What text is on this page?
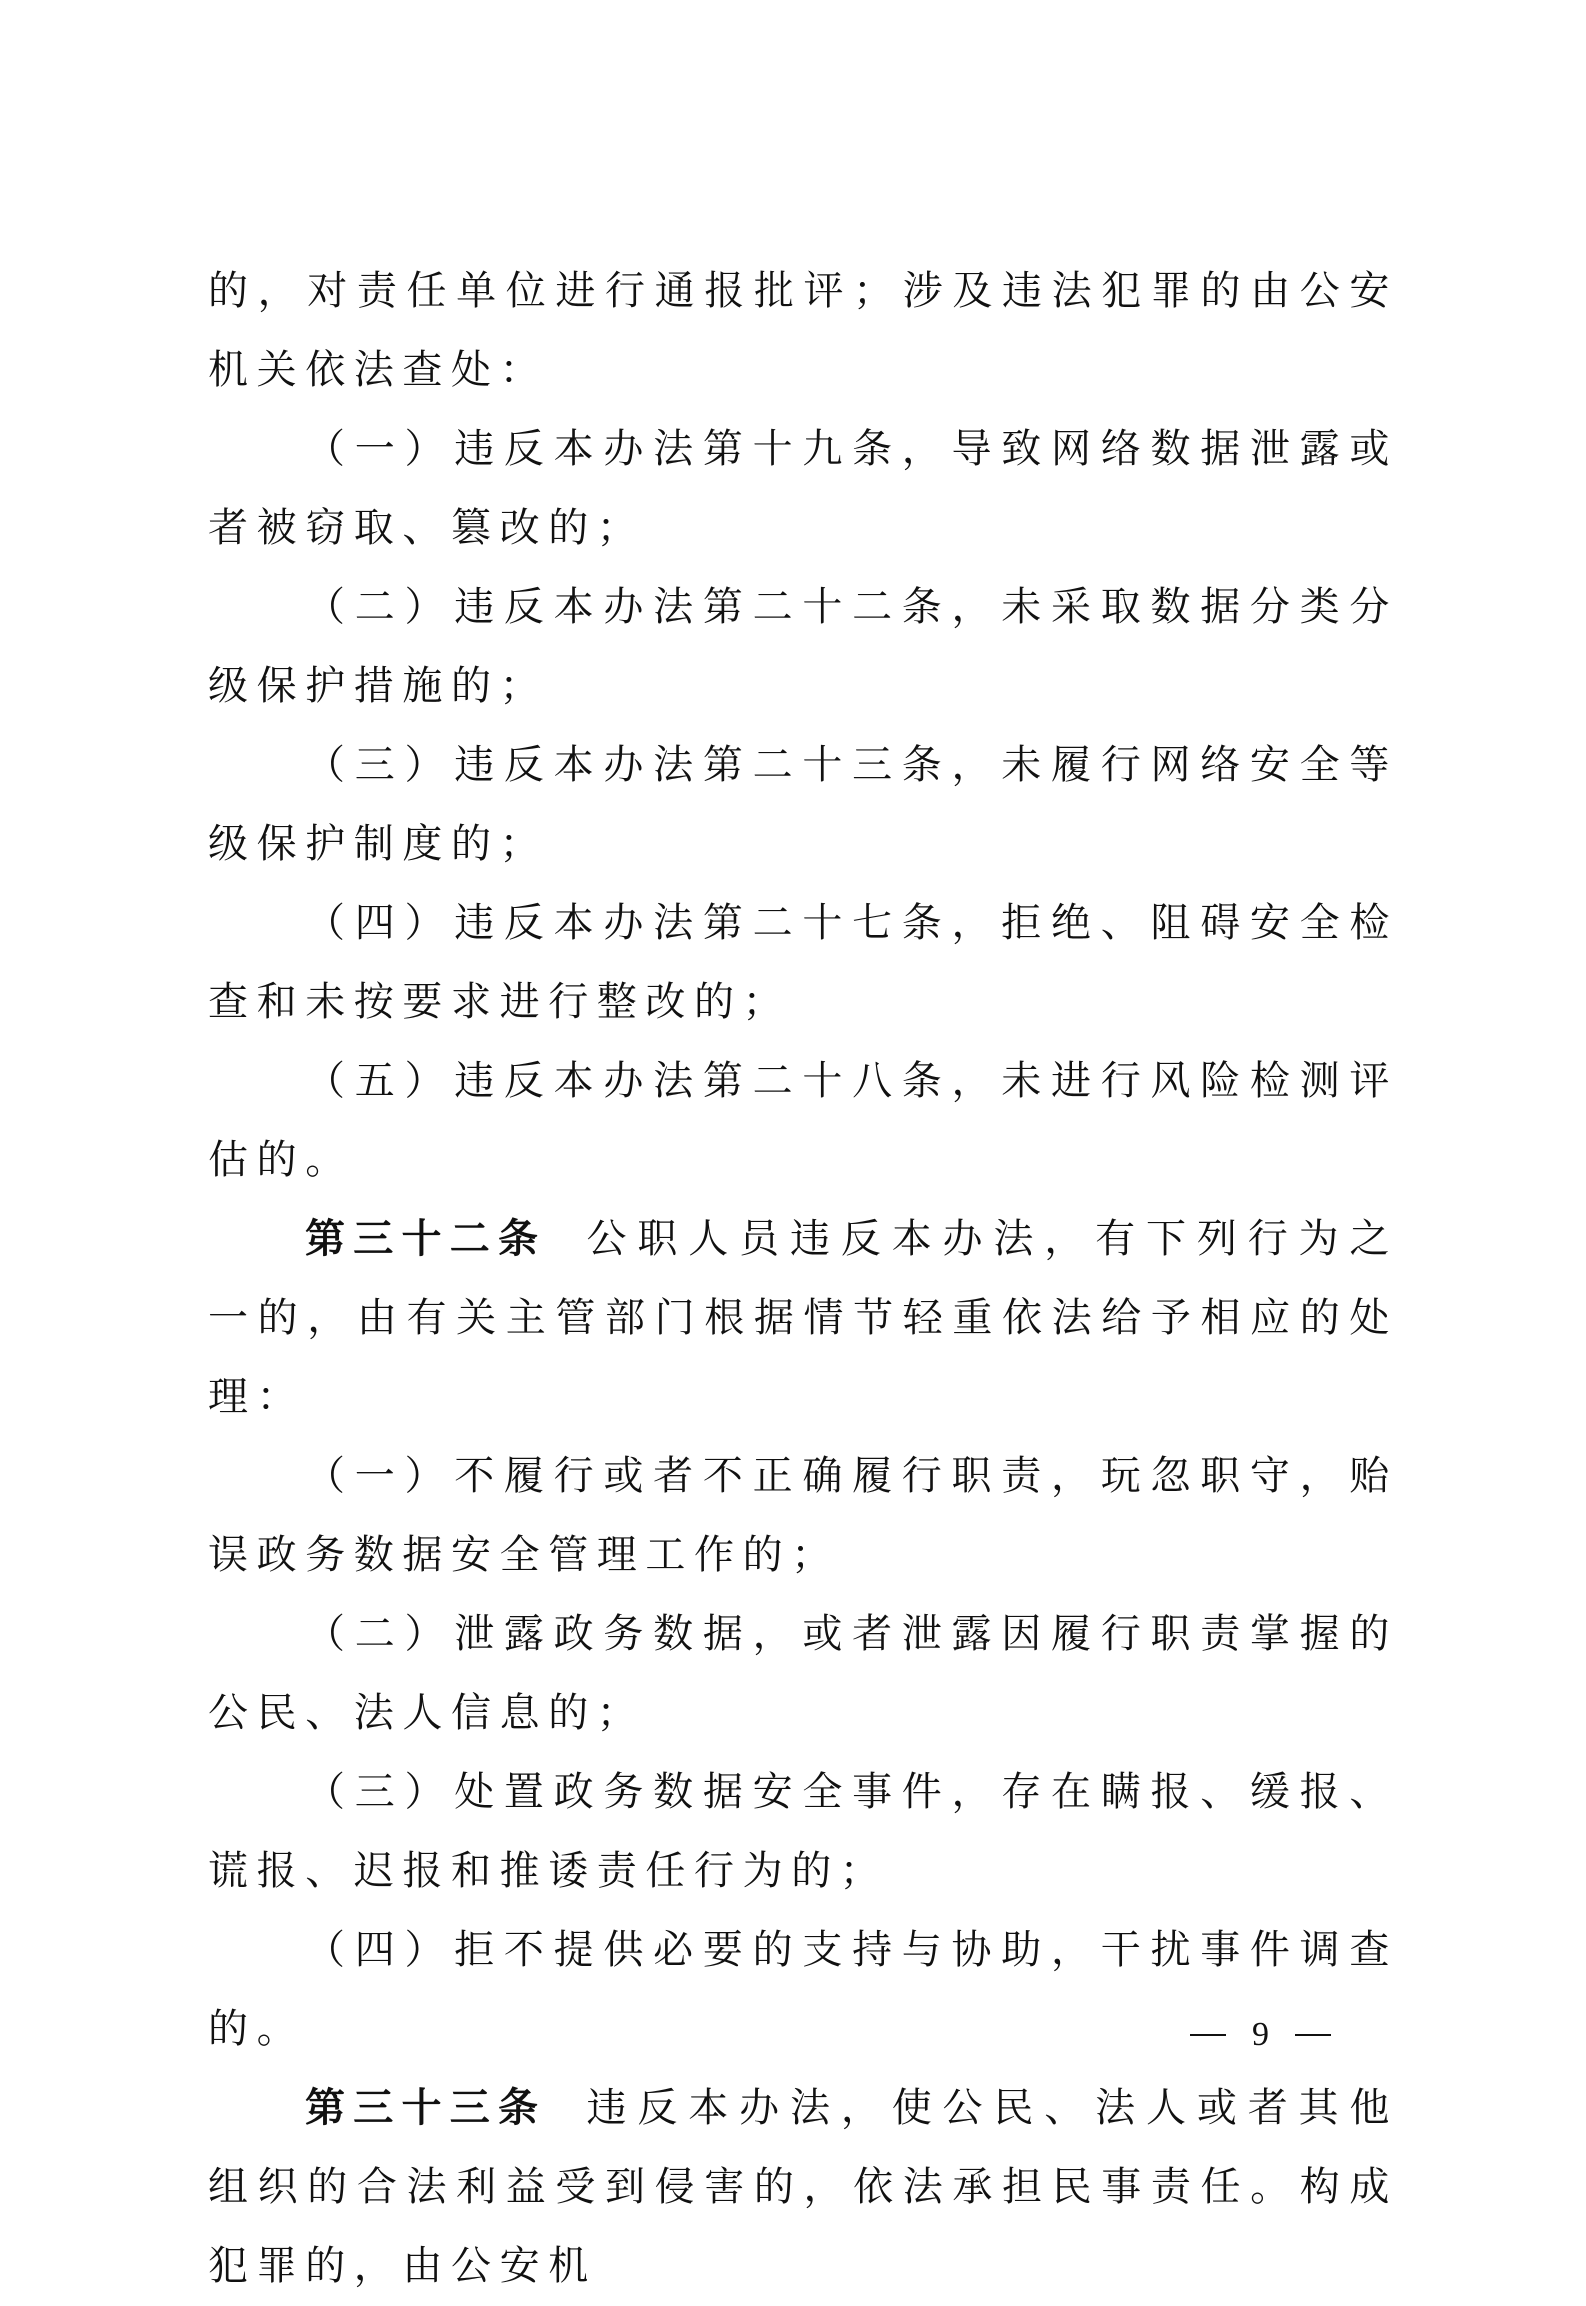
的，对责任单位进行通报批评；涉及违法犯罪的由公安机关依法查处：

（一）违反本办法第十九条，导致网络数据泄露或者被窃取、篡改的；

（二）违反本办法第二十二条，未采取数据分类分级保护措施的；

（三）违反本办法第二十三条，未履行网络安全等级保护制度的；

（四）违反本办法第二十七条，拒绝、阻碍安全检查和未按要求进行整改的；

（五）违反本办法第二十八条，未进行风险检测评估的。

第三十二条 公职人员违反本办法，有下列行为之一的，由有关主管部门根据情节轻重依法给予相应的处理：

（一）不履行或者不正确履行职责，玩忽职守，贻误政务数据安全管理工作的；

（二）泄露政务数据，或者泄露因履行职责掌握的公民、法人信息的；

（三）处置政务数据安全事件，存在瞒报、缓报、谎报、迟报和推诿责任行为的；

（四）拒不提供必要的支持与协助，干扰事件调查的。

第三十三条 违反本办法，使公民、法人或者其他组织的合法利益受到侵害的，依法承担民事责任。构成犯罪的，由公安机

9
